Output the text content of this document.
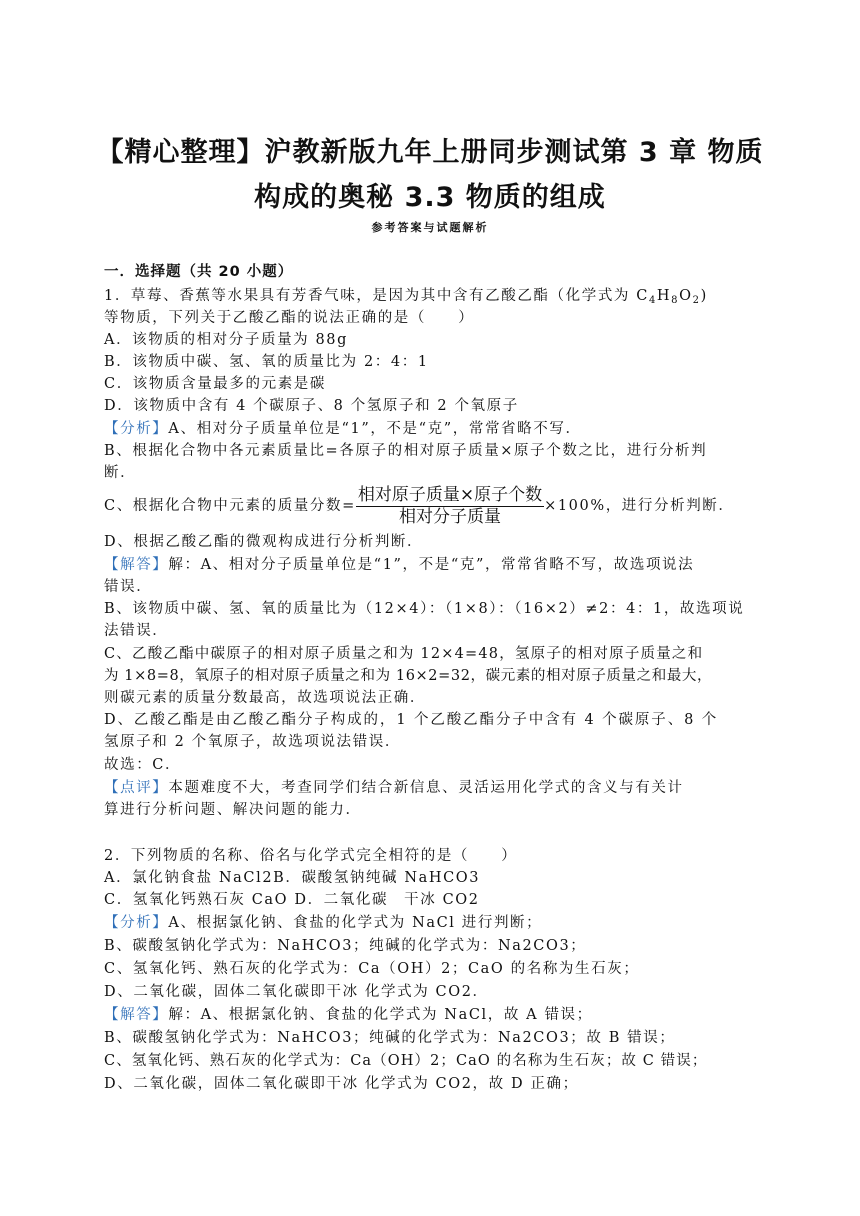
【精心整理】沪教新版九年上册同步测试第 3 章 物质
构成的奥秘 3.3 物质的组成
参考答案与试题解析
一．选择题（共 20 小题）
1．草莓、香蕉等水果具有芳香气味，是因为其中含有乙酸乙酯（化学式为 $C_4H_8O_2$)
等物质，下列关于乙酸乙酯的说法正确的是（　　）
A．该物质的相对分子质量为 88g
B．该物质中碳、氢、氧的质量比为 2：4：1
C．该物质含量最多的元素是碳
D．该物质中含有 4 个碳原子、8 个氢原子和 2 个氧原子
【分析】A、相对分子质量单位是“1”，不是“克”，常常省略不写．
B、根据化合物中各元素质量比=各原子的相对原子质量×原子个数之比，进行分析判
断．
C、根据化合物中元素的质量分数= $\frac{\text{相对原子质量×原子个数}}{\text{相对分子质量}} \times 100\%$，进行分析判断．
D、根据乙酸乙酯的微观构成进行分析判断．
【解答】解：A、相对分子质量单位是“1”，不是“克”，常常省略不写，故选项说法
错误．
B、该物质中碳、氢、氧的质量比为（12×4）：（1×8）：（16×2）≠2：4：1，故选项说
法错误．
C、乙酸乙酯中碳原子的相对原子质量之和为 12×4=48，氢原子的相对原子质量之和
为 1×8=8，氧原子的相对原子质量之和为 16×2=32，碳元素的相对原子质量之和最大，
则碳元素的质量分数最高，故选项说法正确．
D、乙酸乙酯是由乙酸乙酯分子构成的，1 个乙酸乙酯分子中含有 4 个碳原子、8 个
氢原子和 2 个氧原子，故选项说法错误．
故选：C．
【点评】本题难度不大，考查同学们结合新信息、灵活运用化学式的含义与有关计
算进行分析问题、解决问题的能力．
2．下列物质的名称、俗名与化学式完全相符的是（　　）
A．氯化钠食盐 NaCl2B．碳酸氢钠纯碱 NaHCO3
C．氢氧化钙熟石灰 CaO D．二氧化碳　干冰 CO2
【分析】A、根据氯化钠、食盐的化学式为 NaCl 进行判断；
B、碳酸氢钠化学式为：NaHCO3；纯碱的化学式为：Na2CO3；
C、氢氧化钙、熟石灰的化学式为：Ca（OH）2；CaO 的名称为生石灰；
D、二氧化碳，固体二氧化碳即干冰 化学式为 CO2．
【解答】解：A、根据氯化钠、食盐的化学式为 NaCl，故 A 错误；
B、碳酸氢钠化学式为：NaHCO3；纯碱的化学式为：Na2CO3；故 B 错误；
C、氢氧化钙、熟石灰的化学式为：Ca（OH）2；CaO 的名称为生石灰；故 C 错误；
D、二氧化碳，固体二氧化碳即干冰 化学式为 CO2，故 D 正确；
